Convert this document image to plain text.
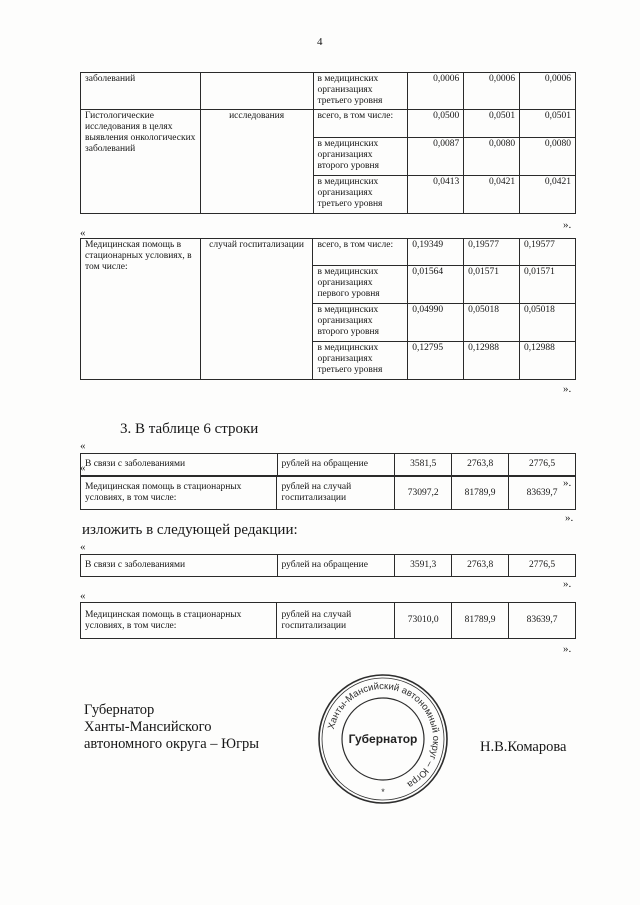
4
заболеваний		в медицинских организациях третьего уровня	0,0006	0,0006	0,0006
Гистологические исследования в целях выявления онкологических заболеваний	исследования	всего, в том числе:	0,0500	0,0501	0,0501
		в медицинских организациях второго уровня	0,0087	0,0080	0,0080
		в медицинских организациях третьего уровня	0,0413	0,0421	0,0421
».
«
Медицинская помощь в стационарных условиях, в том числе:	случай госпитализации	всего, в том числе:	0,19349	0,19577	0,19577
		в медицинских организациях первого уровня	0,01564	0,01571	0,01571
		в медицинских организациях второго уровня	0,04990	0,05018	0,05018
		в медицинских организациях третьего уровня	0,12795	0,12988	0,12988
».
3. В таблице 6 строки
«
В связи с заболеваниями	рублей на обращение	3581,5	2763,8	2776,5
».
«
Медицинская помощь в стационарных условиях, в том числе:	рублей на случай госпитализации	73097,2	81789,9	83639,7
».
изложить в следующей редакции:
«
В связи с заболеваниями	рублей на обращение	3591,3	2763,8	2776,5
».
«
Медицинская помощь в стационарных условиях, в том числе:	рублей на случай госпитализации	73010,0	81789,9	83639,7
».
Губернатор
Ханты-Мансийского
автономного округа – Югры	Н.В.Комарова
Ханты-Мансийский автономный округ – Югра
Губернатор
*
